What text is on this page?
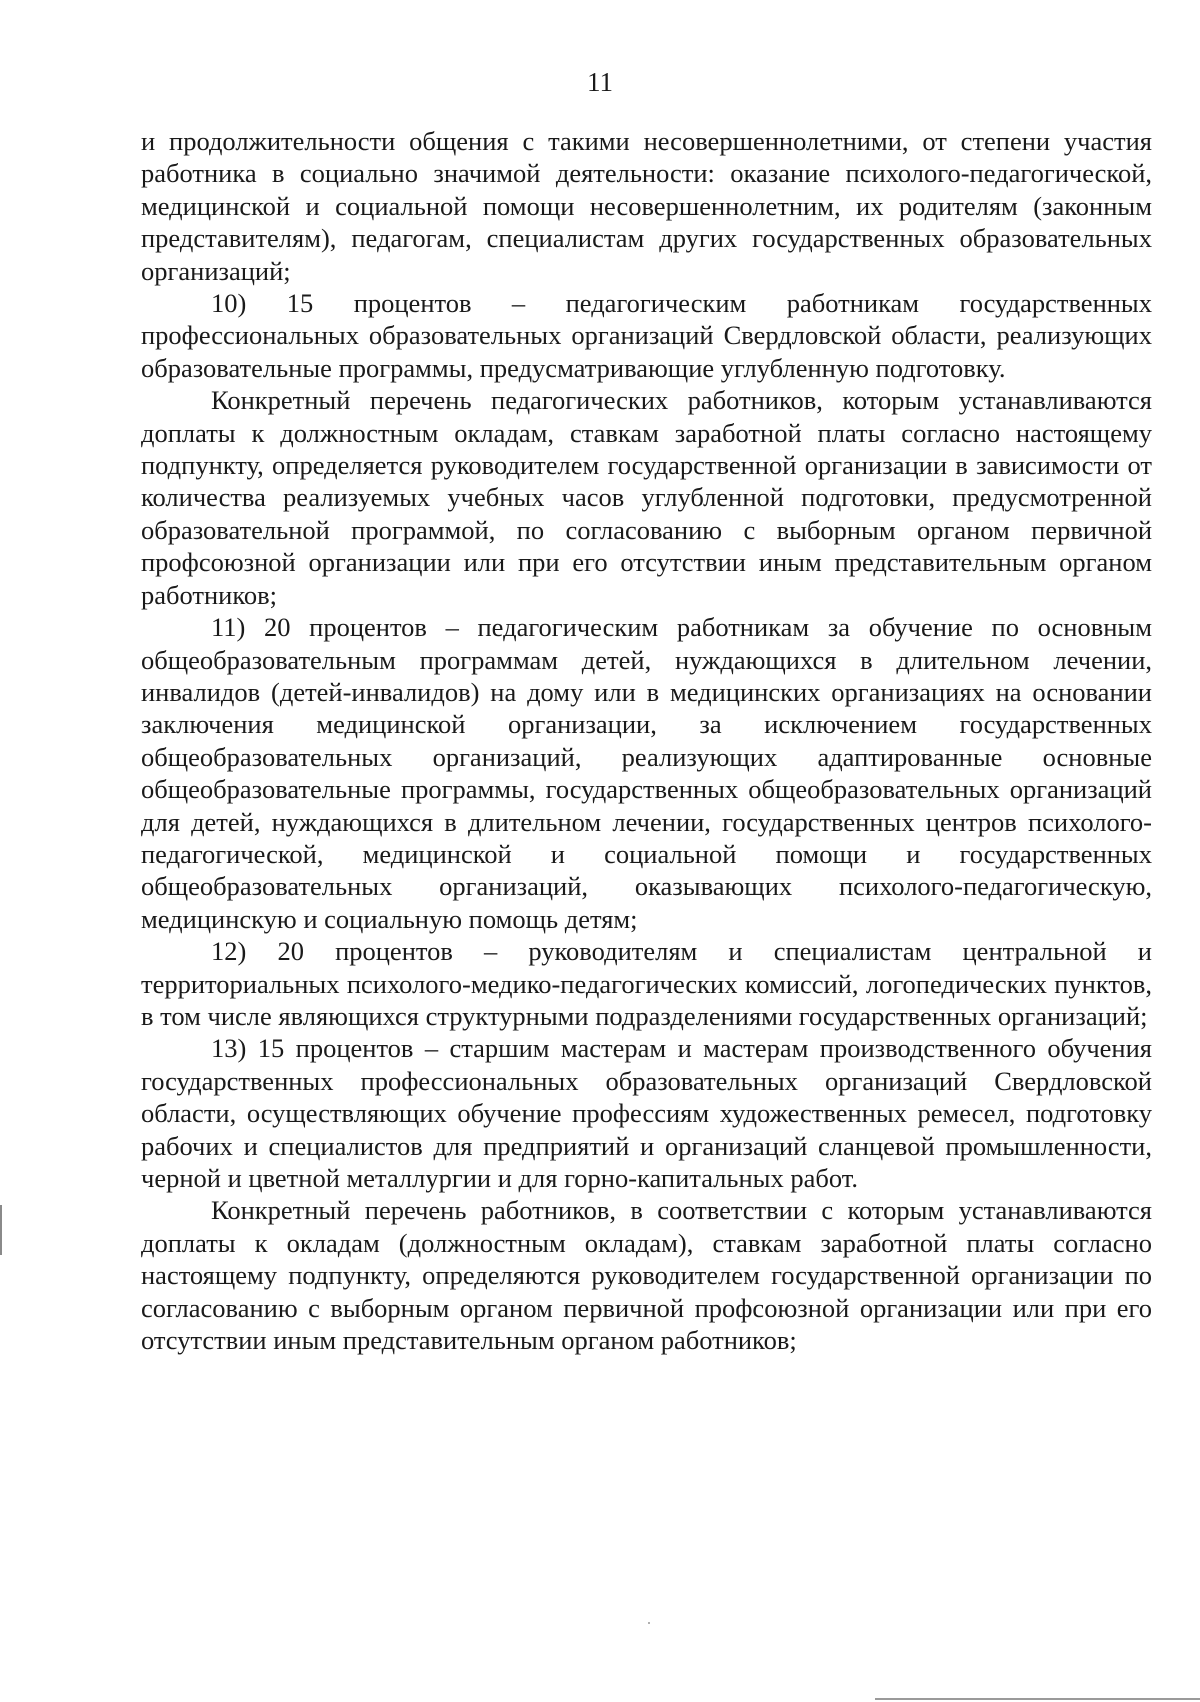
11

и продолжительности общения с такими несовершеннолетними, от степени участия работника в социально значимой деятельности: оказание психолого-педагогической, медицинской и социальной помощи несовершеннолетним, их родителям (законным представителям), педагогам, специалистам других государственных образовательных организаций;

10) 15 процентов – педагогическим работникам государственных профессиональных образовательных организаций Свердловской области, реализующих образовательные программы, предусматривающие углубленную подготовку.

Конкретный перечень педагогических работников, которым устанавливаются доплаты к должностным окладам, ставкам заработной платы согласно настоящему подпункту, определяется руководителем государственной организации в зависимости от количества реализуемых учебных часов углубленной подготовки, предусмотренной образовательной программой, по согласованию с выборным органом первичной профсоюзной организации или при его отсутствии иным представительным органом работников;

11) 20 процентов – педагогическим работникам за обучение по основным общеобразовательным программам детей, нуждающихся в длительном лечении, инвалидов (детей-инвалидов) на дому или в медицинских организациях на основании заключения медицинской организации, за исключением государственных общеобразовательных организаций, реализующих адаптированные основные общеобразовательные программы, государственных общеобразовательных организаций для детей, нуждающихся в длительном лечении, государственных центров психолого-педагогической, медицинской и социальной помощи и государственных общеобразовательных организаций, оказывающих психолого-педагогическую, медицинскую и социальную помощь детям;

12) 20 процентов – руководителям и специалистам центральной и территориальных психолого-медико-педагогических комиссий, логопедических пунктов, в том числе являющихся структурными подразделениями государственных организаций;

13) 15 процентов – старшим мастерам и мастерам производственного обучения государственных профессиональных образовательных организаций Свердловской области, осуществляющих обучение профессиям художественных ремесел, подготовку рабочих и специалистов для предприятий и организаций сланцевой промышленности, черной и цветной металлургии и для горно-капитальных работ.

Конкретный перечень работников, в соответствии с которым устанавливаются доплаты к окладам (должностным окладам), ставкам заработной платы согласно настоящему подпункту, определяются руководителем государственной организации по согласованию с выборным органом первичной профсоюзной организации или при его отсутствии иным представительным органом работников;
